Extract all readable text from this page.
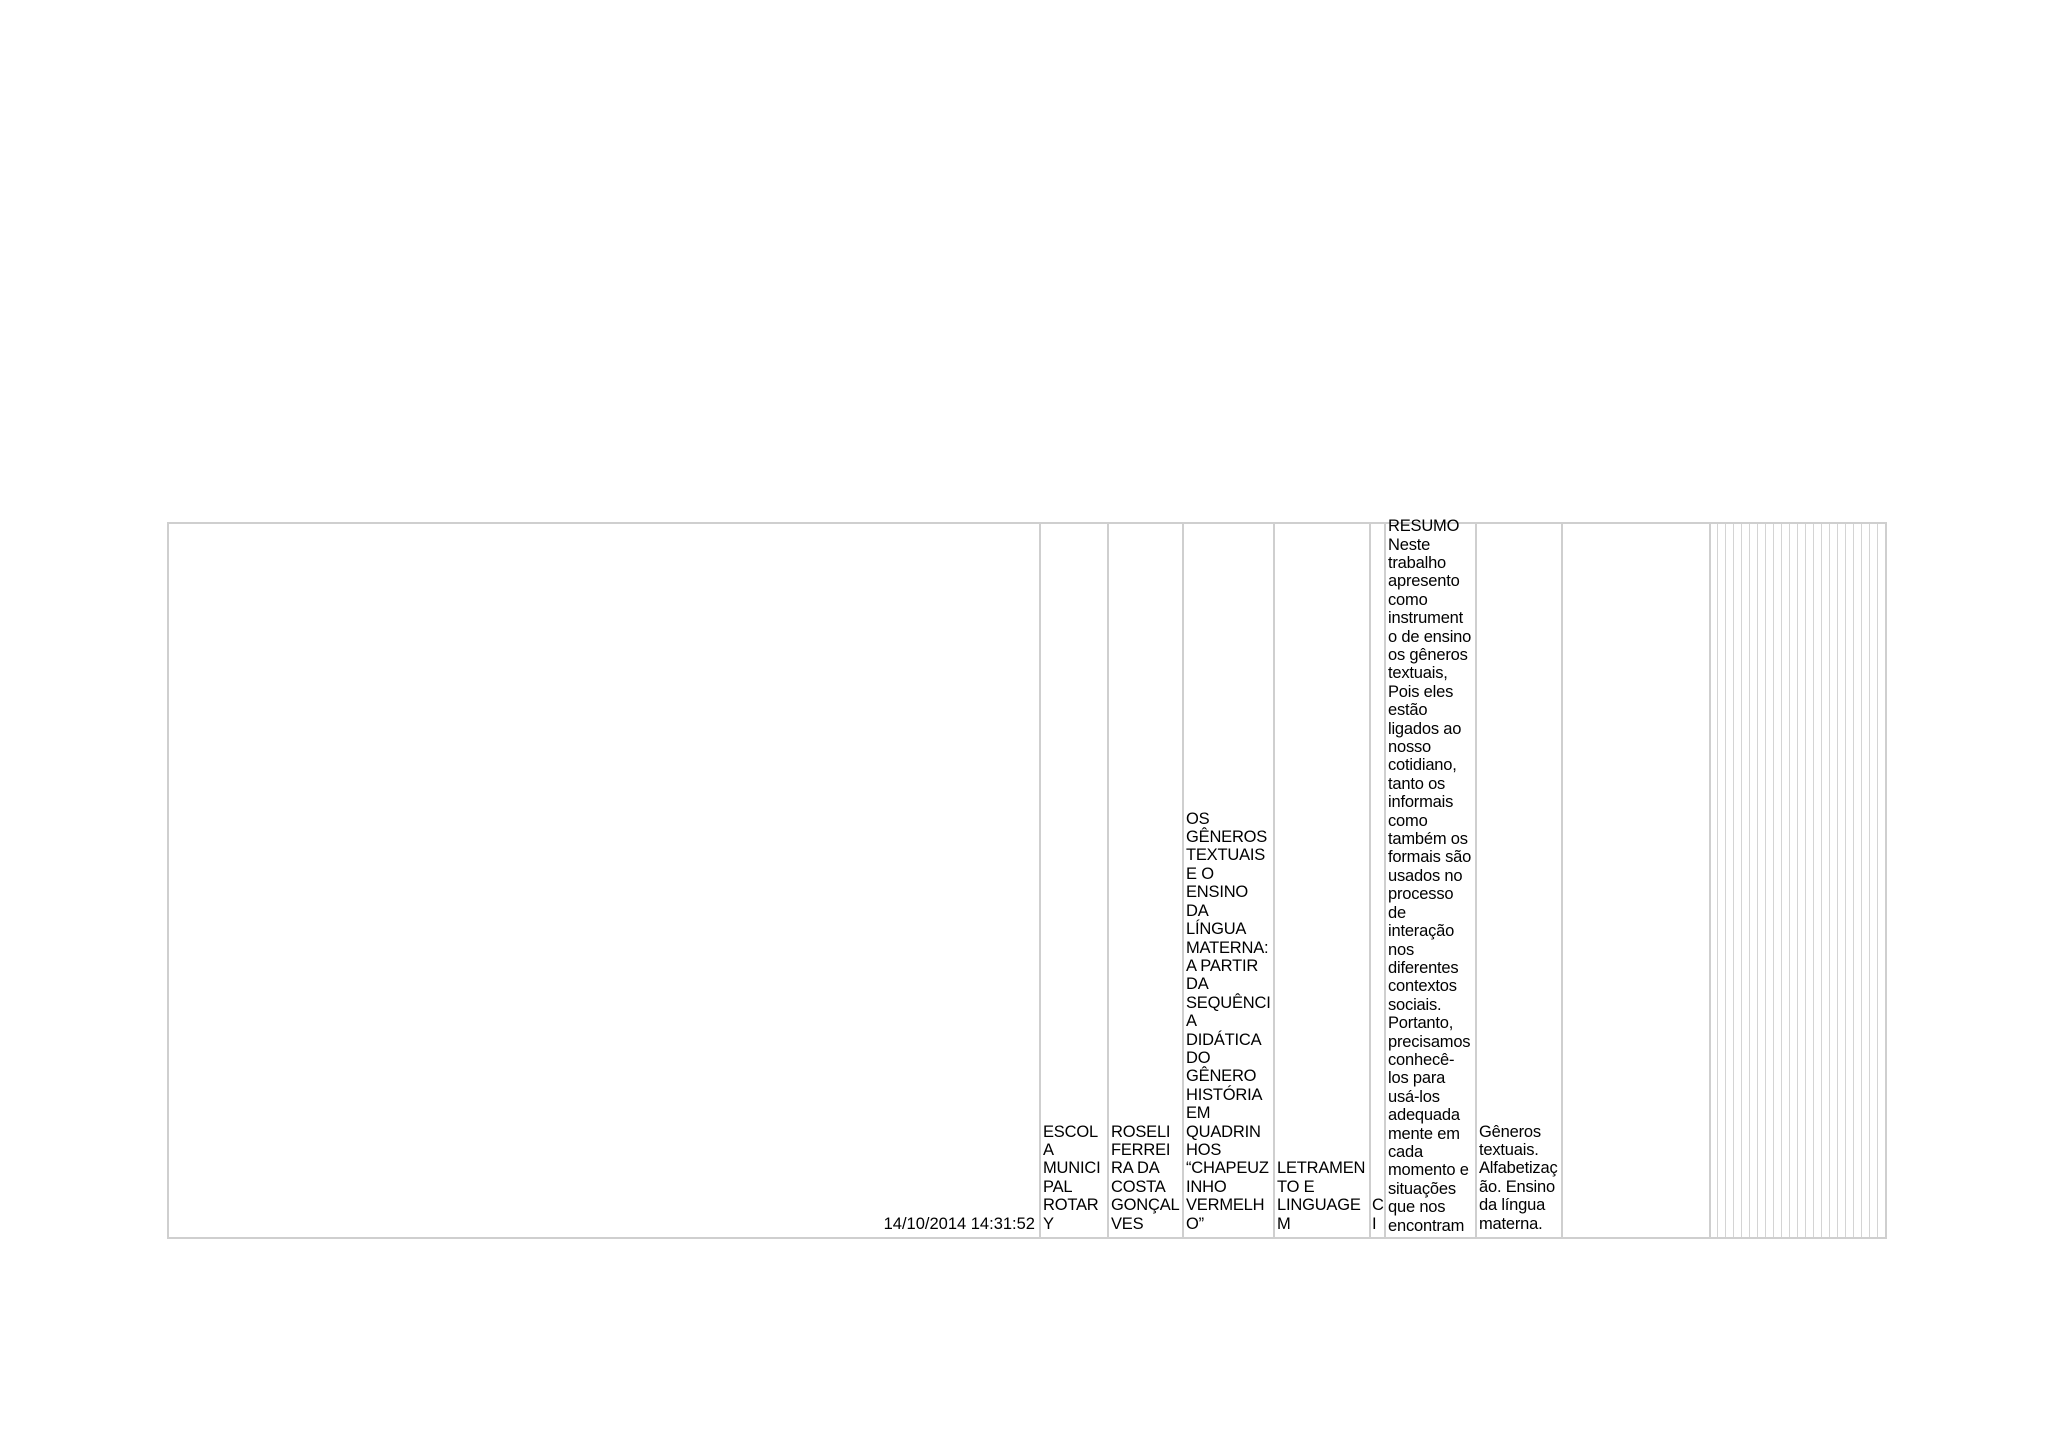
14/10/2014 14:31:52
ESCOL
A
MUNICI
PAL
ROTAR
Y
ROSELI
FERREI
RA DA
COSTA
GONÇAL
VES
OS
GÊNEROS
TEXTUAIS
E O
ENSINO
DA
LÍNGUA
MATERNA:
A PARTIR
DA
SEQUÊNCI
A
DIDÁTICA
DO
GÊNERO
HISTÓRIA
EM
QUADRIN
HOS
“CHAPEUZ
INHO
VERMELH
O”
LETRAMEN
TO E
LINGUAGE
M
C
I
RESUMO
Neste
trabalho
apresento
como
instrument
o de ensino
os gêneros
textuais,
Pois eles
estão
ligados ao
nosso
cotidiano,
tanto os
informais
como
também os
formais são
usados no
processo
de
interação
nos
diferentes
contextos
sociais.
Portanto,
precisamos
conhecê-
los para
usá-los
adequada
mente em
cada
momento e
situações
que nos
encontram
Gêneros
textuais.
Alfabetizaç
ão. Ensino
da língua
materna.
